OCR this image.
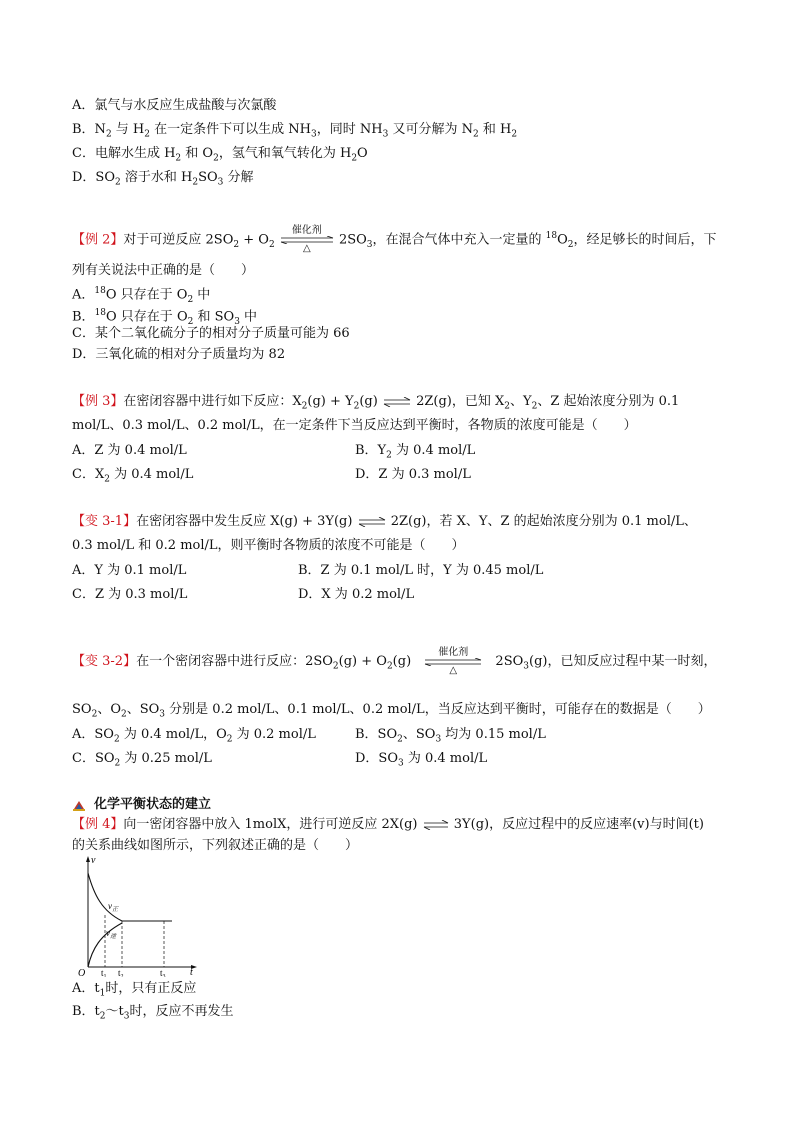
A．氯气与水反应生成盐酸与次氯酸
B．$N_2$ 与 $H_2$ 在一定条件下可以生成 $NH_3$，同时 $NH_3$ 又可分解为 $N_2$ 和 $H_2$
C．电解水生成 $H_2$ 和 $O_2$，氢气和氧气转化为 $H_2O$
D．$SO_2$ 溶于水和 $H_2SO_3$ 分解
【例 2】对于可逆反应 $2SO_2 + O_2$
催化剂
△
$2SO_3$，在混合气体中充入一定量的 $^{18}O_2$，经足够长的时间后，下
列有关说法中正确的是（　　）
A．$^{18}$O 只存在于 $O_2$ 中
B．$^{18}$O 只存在于 $O_2$ 和 $SO_3$ 中
C．某个二氧化硫分子的相对分子质量可能为 66
D．三氧化硫的相对分子质量均为 82
【例 3】在密闭容器中进行如下反应：$X_2(g) + Y_2(g)$ ⇌ 2Z(g)，已知 $X_2$、$Y_2$、Z 起始浓度分别为 0.1
mol/L、0.3 mol/L、0.2 mol/L，在一定条件下当反应达到平衡时，各物质的浓度可能是（　　）
A．Z 为 0.4 mol/L	B．$Y_2$ 为 0.4 mol/L
C．$X_2$ 为 0.4 mol/L	D．Z 为 0.3 mol/L
【变 3-1】在密闭容器中发生反应 X(g) + 3Y(g) ⇌ 2Z(g)，若 X、Y、Z 的起始浓度分别为 0.1 mol/L、
0.3 mol/L 和 0.2 mol/L，则平衡时各物质的浓度不可能是（　　）
A．Y 为 0.1 mol/L	B．Z 为 0.1 mol/L 时，Y 为 0.45 mol/L
C．Z 为 0.3 mol/L	D．X 为 0.2 mol/L
【变 3-2】在一个密闭容器中进行反应：$2SO_2(g) + O_2(g)$
催化剂
△
$2SO_3(g)$，已知反应过程中某一时刻，
$SO_2$、$O_2$、$SO_3$ 分别是 0.2 mol/L、0.1 mol/L、0.2 mol/L，当反应达到平衡时，可能存在的数据是（　　）
A．$SO_2$ 为 0.4 mol/L，$O_2$ 为 0.2 mol/L	B．$SO_2$、$SO_3$ 均为 0.15 mol/L
C．$SO_2$ 为 0.25 mol/L	D．$SO_3$ 为 0.4 mol/L
化学平衡状态的建立
【例 4】向一密闭容器中放入 1molX，进行可逆反应 2X(g) ⇌ 3Y(g)，反应过程中的反应速率(v)与时间(t)
的关系曲线如图所示，下列叙述正确的是（　　）
v
t
O
$v_正$
$v_逆$
$t_1$ $t_2$	$t_3$
A．$t_1$时，只有正反应
B．$t_2\sim t_3$时，反应不再发生
